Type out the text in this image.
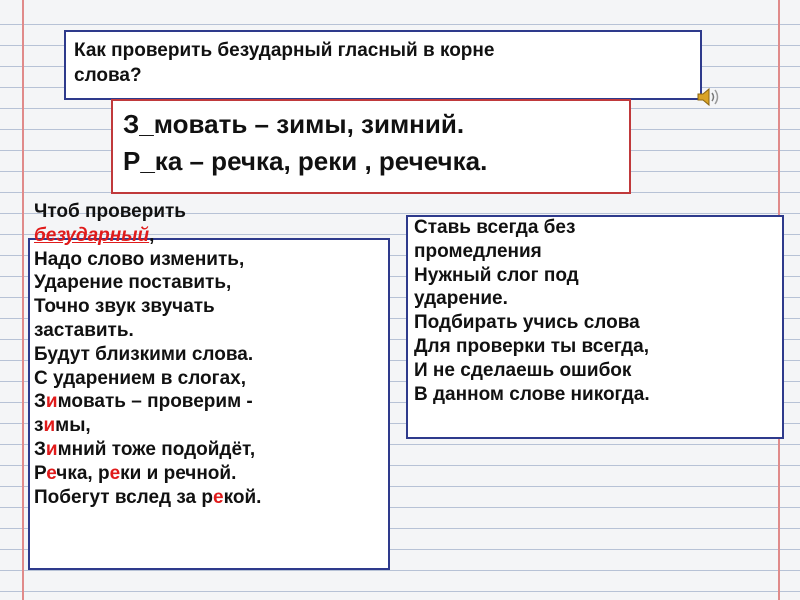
Как проверить безударный гласный в корне
слова?
З_мовать – зимы, зимний.
Р_ка – речка, реки , речечка.
Чтоб проверить
безударный,
Надо слово изменить,
Ударение поставить,
Точно звук звучать
заставить.
Будут близкими слова.
С ударением в слогах,
Зимовать – проверим -
зимы,
Зимний тоже подойдёт,
Речка, реки и речной.
Побегут вслед за рекой.
Ставь всегда без
промедления
Нужный слог под
ударение.
Подбирать учись слова
Для проверки ты всегда,
И не сделаешь ошибок
В данном слове никогда.
